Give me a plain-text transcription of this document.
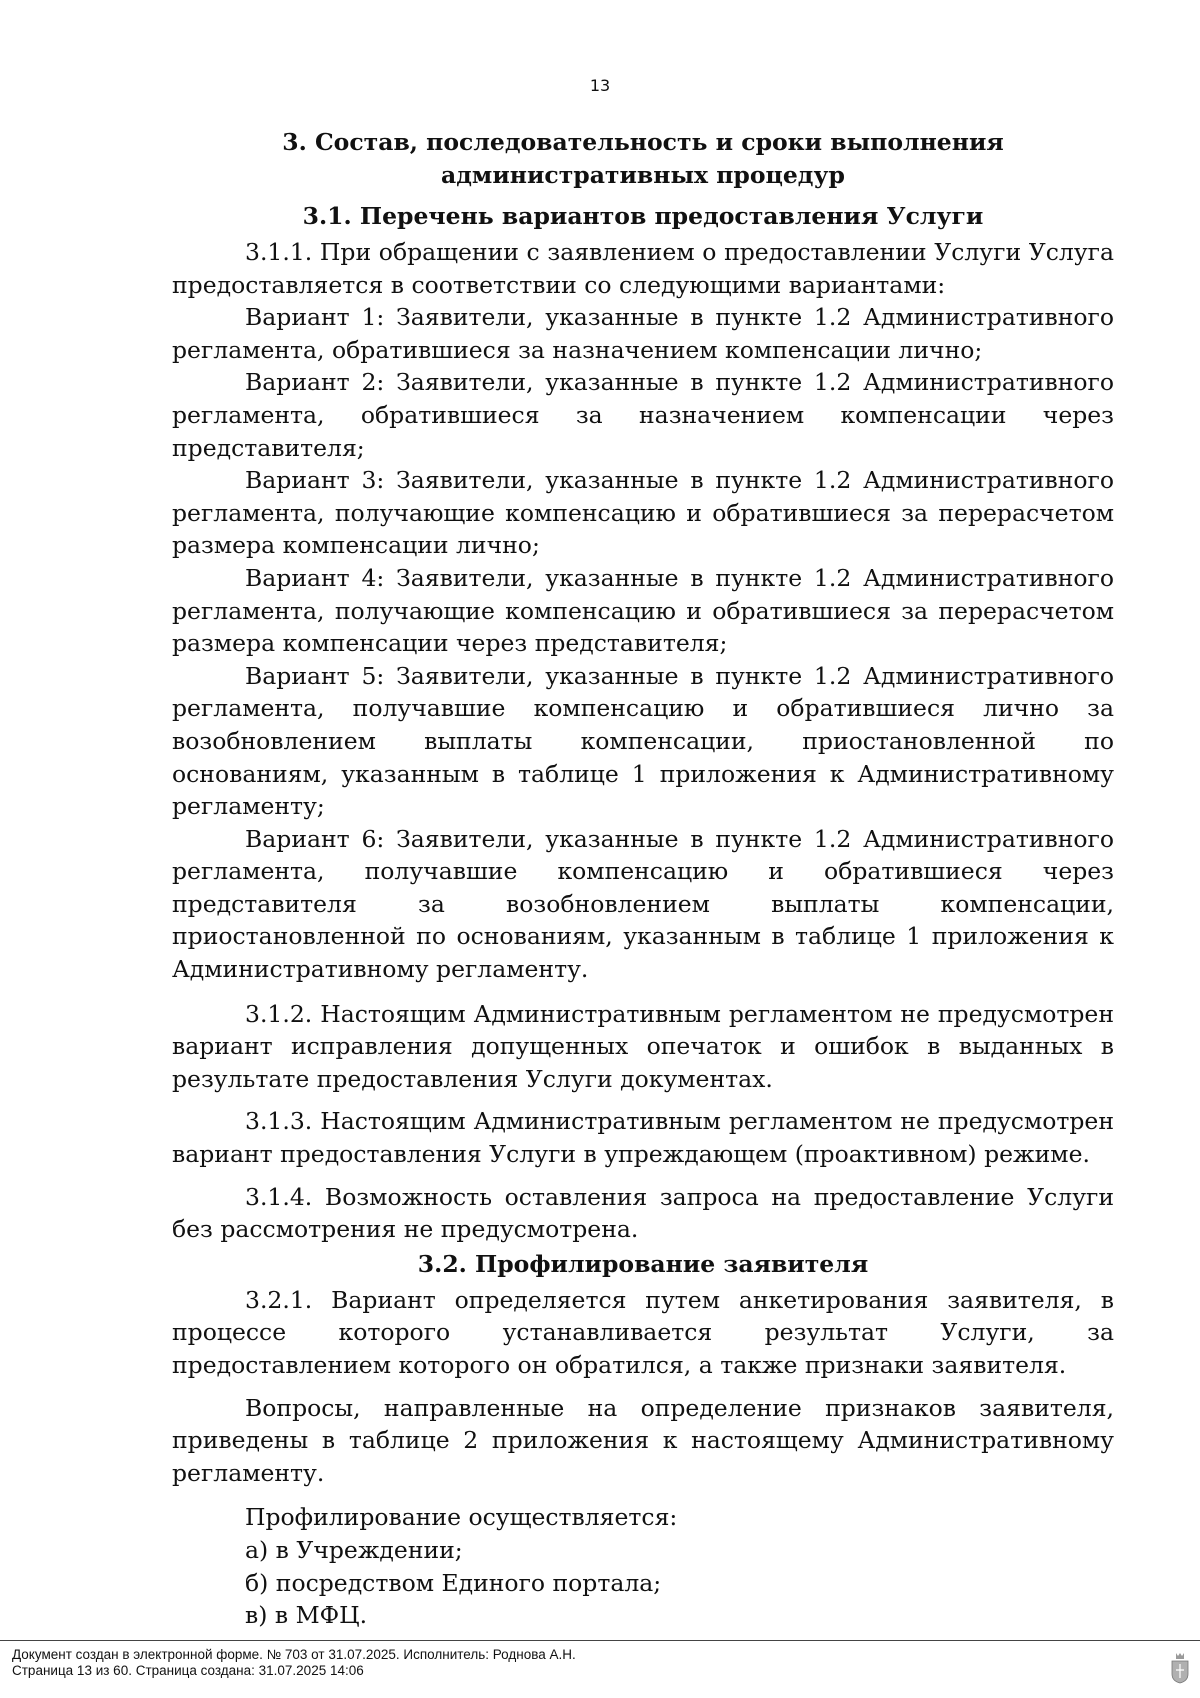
13
3. Состав, последовательность и сроки выполнения административных процедур
3.1. Перечень вариантов предоставления Услуги

3.1.1. При обращении с заявлением о предоставлении Услуги Услуга предоставляется в соответствии со следующими вариантами:

Вариант 1: Заявители, указанные в пункте 1.2 Административного регламента, обратившиеся за назначением компенсации лично;

Вариант 2: Заявители, указанные в пункте 1.2 Административного регламента, обратившиеся за назначением компенсации через представителя;

Вариант 3: Заявители, указанные в пункте 1.2 Административного регламента, получающие компенсацию и обратившиеся за перерасчетом размера компенсации лично;

Вариант 4: Заявители, указанные в пункте 1.2 Административного регламента, получающие компенсацию и обратившиеся за перерасчетом размера компенсации через представителя;

Вариант 5: Заявители, указанные в пункте 1.2 Административного регламента, получавшие компенсацию и обратившиеся лично за возобновлением выплаты компенсации, приостановленной по основаниям, указанным в таблице 1 приложения к Административному регламенту;

Вариант 6: Заявители, указанные в пункте 1.2 Административного регламента, получавшие компенсацию и обратившиеся через представителя за возобновлением выплаты компенсации, приостановленной по основаниям, указанным в таблице 1 приложения к Административному регламенту.

3.1.2. Настоящим Административным регламентом не предусмотрен вариант исправления допущенных опечаток и ошибок в выданных в результате предоставления Услуги документах.

3.1.3. Настоящим Административным регламентом не предусмотрен вариант предоставления Услуги в упреждающем (проактивном) режиме.

3.1.4. Возможность оставления запроса на предоставление Услуги без рассмотрения не предусмотрена.

3.2. Профилирование заявителя

3.2.1. Вариант определяется путем анкетирования заявителя, в процессе которого устанавливается результат Услуги, за предоставлением которого он обратился, а также признаки заявителя.

Вопросы, направленные на определение признаков заявителя, приведены в таблице 2 приложения к настоящему Административному регламенту.

Профилирование осуществляется:

а) в Учреждении;

б) посредством Единого портала;

в) в МФЦ.

Документ создан в электронной форме. № 703 от 31.07.2025. Исполнитель: Роднова А.Н.
Страница 13 из 60. Страница создана: 31.07.2025 14:06
